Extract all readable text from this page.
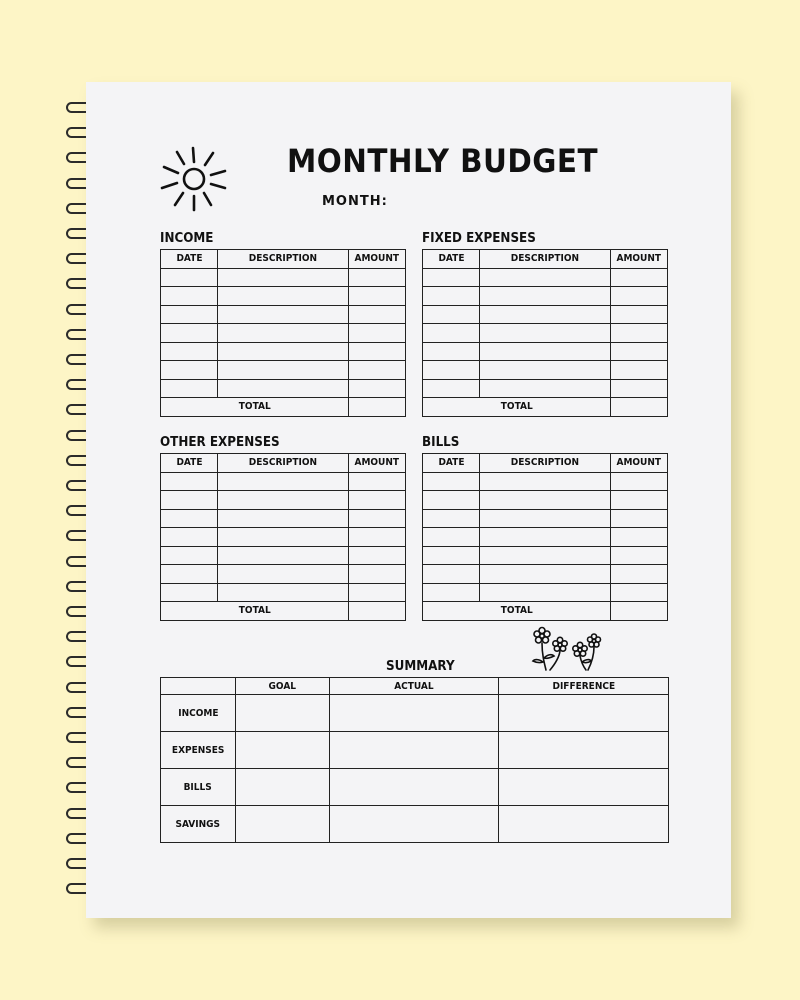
MONTHLY BUDGET
MONTH:
INCOME
DATE	DESCRIPTION	AMOUNT

TOTAL		
FIXED EXPENSES
DATE	DESCRIPTION	AMOUNT

TOTAL		
OTHER EXPENSES
DATE	DESCRIPTION	AMOUNT

TOTAL		
BILLS
DATE	DESCRIPTION	AMOUNT

TOTAL		
SUMMARY
	GOAL	ACTUAL	DIFFERENCE
INCOME			
EXPENSES			
BILLS			
SAVINGS			
